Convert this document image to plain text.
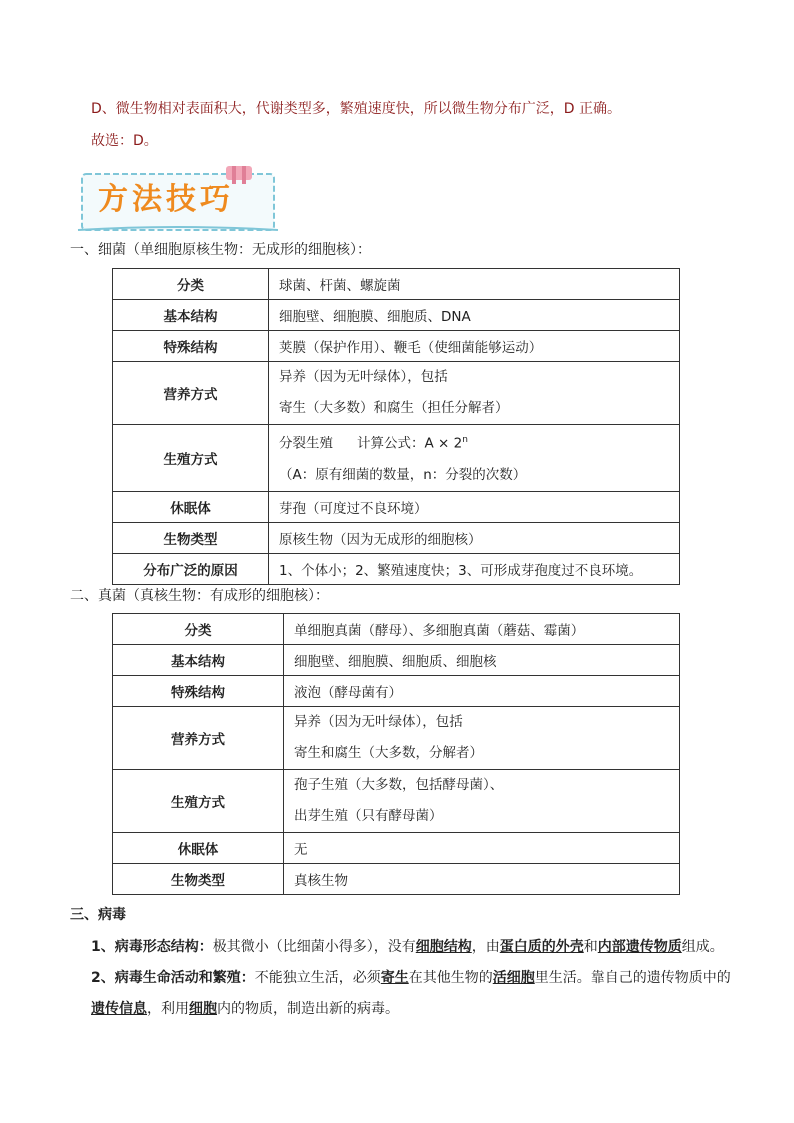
D、微生物相对表面积大，代谢类型多，繁殖速度快，所以微生物分布广泛，D 正确。
故选：D。
方法技巧
一、细菌（单细胞原核生物：无成形的细胞核）：
分类	球菌、杆菌、螺旋菌
基本结构	细胞壁、细胞膜、细胞质、DNA
特殊结构	荚膜（保护作用）、鞭毛（使细菌能够运动）
营养方式	异养（因为无叶绿体），包括
寄生（大多数）和腐生（担任分解者）

生殖方式	分裂生殖 计算公式：$A \times 2^n$
（A：原有细菌的数量，n：分裂的次数）

休眠体	芽孢（可度过不良环境）
生物类型	原核生物（因为无成形的细胞核）
分布广泛的原因	1、个体小；2、繁殖速度快；3、可形成芽孢度过不良环境。
二、真菌（真核生物：有成形的细胞核）：
分类	单细胞真菌（酵母）、多细胞真菌（蘑菇、霉菌）
基本结构	细胞壁、细胞膜、细胞质、细胞核
特殊结构	液泡（酵母菌有）
营养方式	异养（因为无叶绿体），包括
寄生和腐生（大多数，分解者）

生殖方式	孢子生殖（大多数，包括酵母菌）、
出芽生殖（只有酵母菌）

休眠体	无
生物类型	真核生物
三、病毒
1、病毒形态结构：极其微小（比细菌小得多），没有细胞结构，由蛋白质的外壳和内部遗传物质组成。
2、病毒生命活动和繁殖：不能独立生活，必须寄生在其他生物的活细胞里生活。靠自己的遗传物质中的
遗传信息，利用细胞内的物质，制造出新的病毒。
